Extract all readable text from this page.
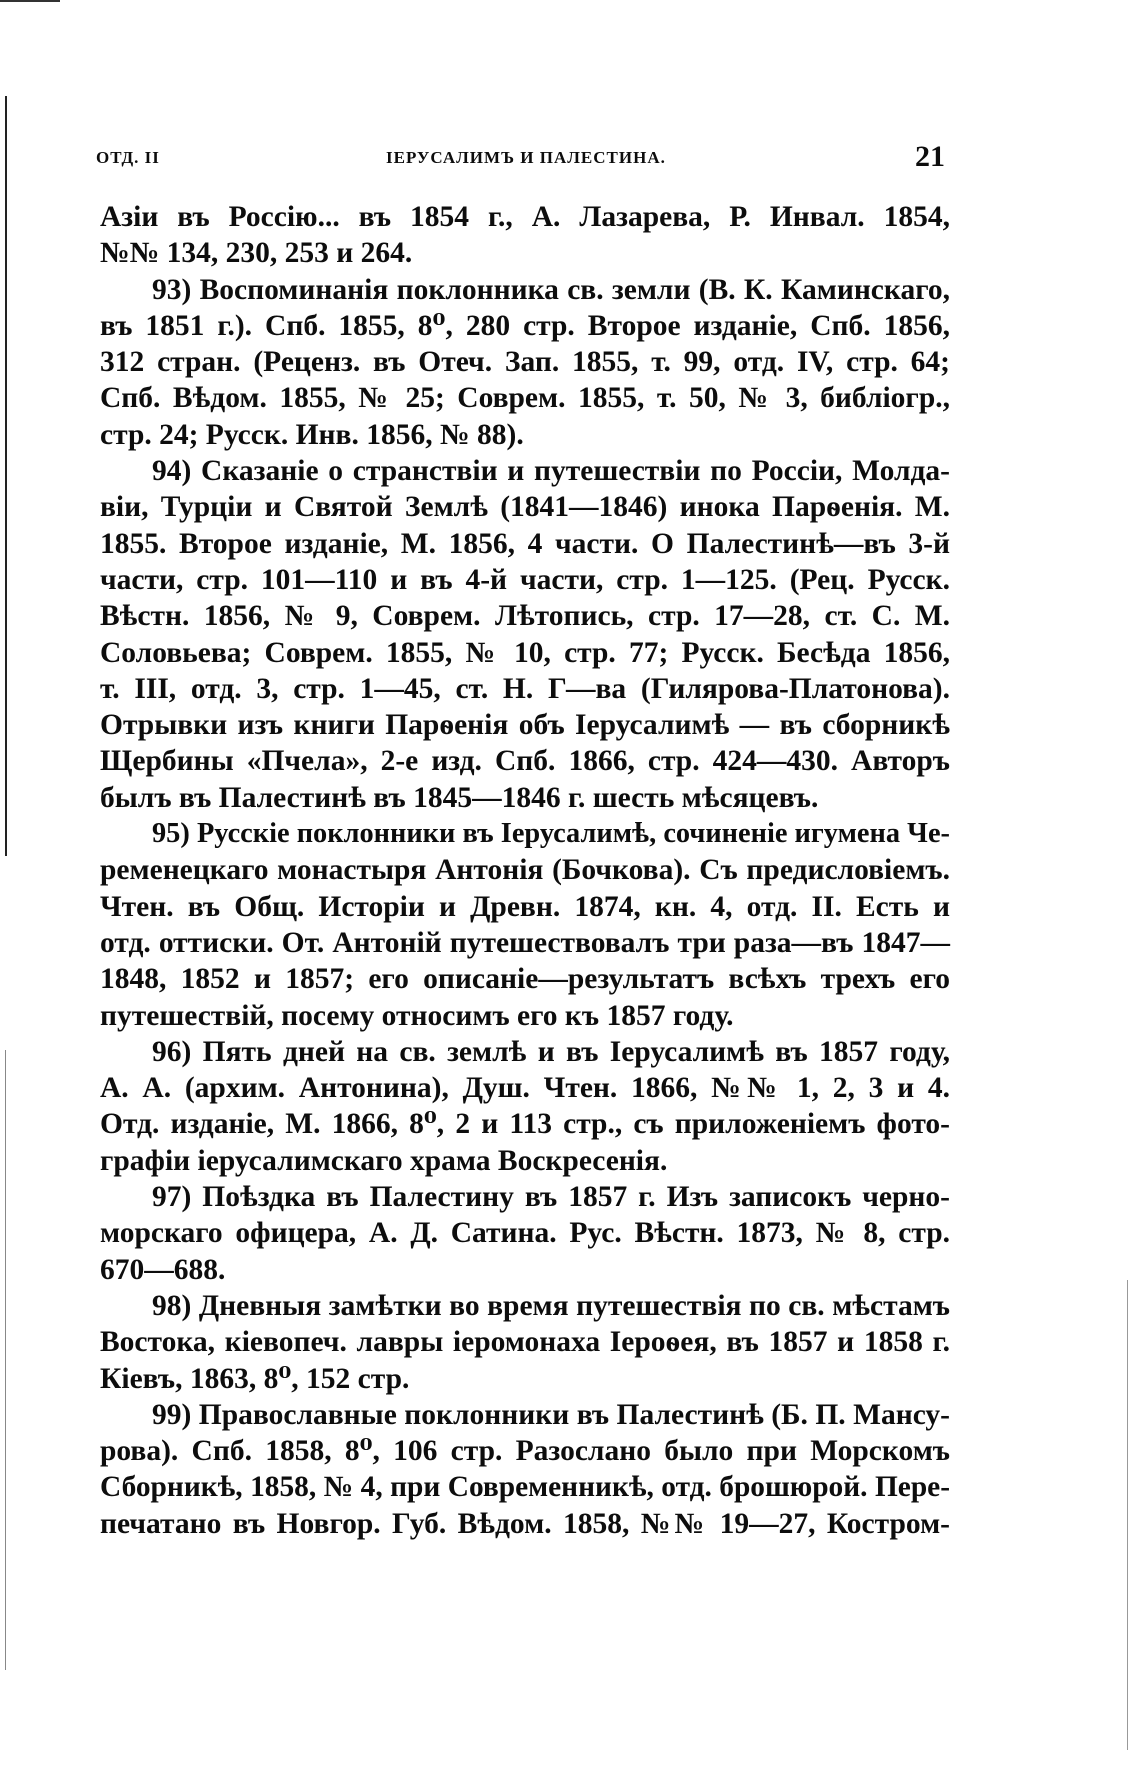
ОТД. II	IЕРУСАЛИМЪ И ПАЛЕСТИНА.	21
Азіи въ Россію... въ 1854 г., А. Лазарева, Р. Инвал. 1854,
№№ 134, 230, 253 и 264.
93) Воспоминанія поклонника св. земли (В. К. Каминскаго,
въ 1851 г.). Спб. 1855, 8⁰, 280 стр. Второе изданіе, Спб. 1856,
312 стран. (Реценз. въ Отеч. Зап. 1855, т. 99, отд. IV, стр. 64;
Спб. Вѣдом. 1855, № 25; Соврем. 1855, т. 50, № 3, библіогр.,
стр. 24; Русск. Инв. 1856, № 88).
94) Сказаніе о странствіи и путешествіи по Россіи, Молда-
віи, Турціи и Святой Землѣ (1841—1846) инока Парѳенія. М.
1855. Второе изданіе, М. 1856, 4 части. О Палестинѣ—въ 3-й
части, стр. 101—110 и въ 4-й части, стр. 1—125. (Рец. Русск.
Вѣстн. 1856, № 9, Соврем. Лѣтопись, стр. 17—28, ст. С. М.
Соловьева; Соврем. 1855, № 10, стр. 77; Русск. Бесѣда 1856,
т. III, отд. 3, стр. 1—45, ст. Н. Г—ва (Гилярова-Платонова).
Отрывки изъ книги Парѳенія объ Іерусалимѣ — въ сборникѣ
Щербины «Пчела», 2-е изд. Спб. 1866, стр. 424—430. Авторъ
былъ въ Палестинѣ въ 1845—1846 г. шесть мѣсяцевъ.
95) Русскіе поклонники въ Іерусалимѣ, сочиненіе игумена Че-
ременецкаго монастыря Антонія (Бочкова). Съ предисловіемъ.
Чтен. въ Общ. Исторіи и Древн. 1874, кн. 4, отд. II. Есть и
отд. оттиски. От. Антоній путешествовалъ три раза—въ 1847—
1848, 1852 и 1857; его описаніе—результатъ всѣхъ трехъ его
путешествій, посему относимъ его къ 1857 году.
96) Пять дней на св. землѣ и въ Іерусалимѣ въ 1857 году,
А. А. (архим. Антонина), Душ. Чтен. 1866, №№ 1, 2, 3 и 4.
Отд. изданіе, М. 1866, 8⁰, 2 и 113 стр., съ приложеніемъ фото-
графіи іерусалимскаго храма Воскресенія.
97) Поѣздка въ Палестину въ 1857 г. Изъ записокъ черно-
морскаго офицера, А. Д. Сатина. Рус. Вѣстн. 1873, № 8, стр.
670—688.
98) Дневныя замѣтки во время путешествія по св. мѣстамъ
Востока, кіевопеч. лавры іеромонаха Іероѳея, въ 1857 и 1858 г.
Кіевъ, 1863, 8⁰, 152 стр.
99) Православные поклонники въ Палестинѣ (Б. П. Мансу-
рова). Спб. 1858, 8⁰, 106 стр. Разослано было при Морскомъ
Сборникѣ, 1858, № 4, при Современникѣ, отд. брошюрой. Пере-
печатано въ Новгор. Губ. Вѣдом. 1858, №№ 19—27, Костром-
